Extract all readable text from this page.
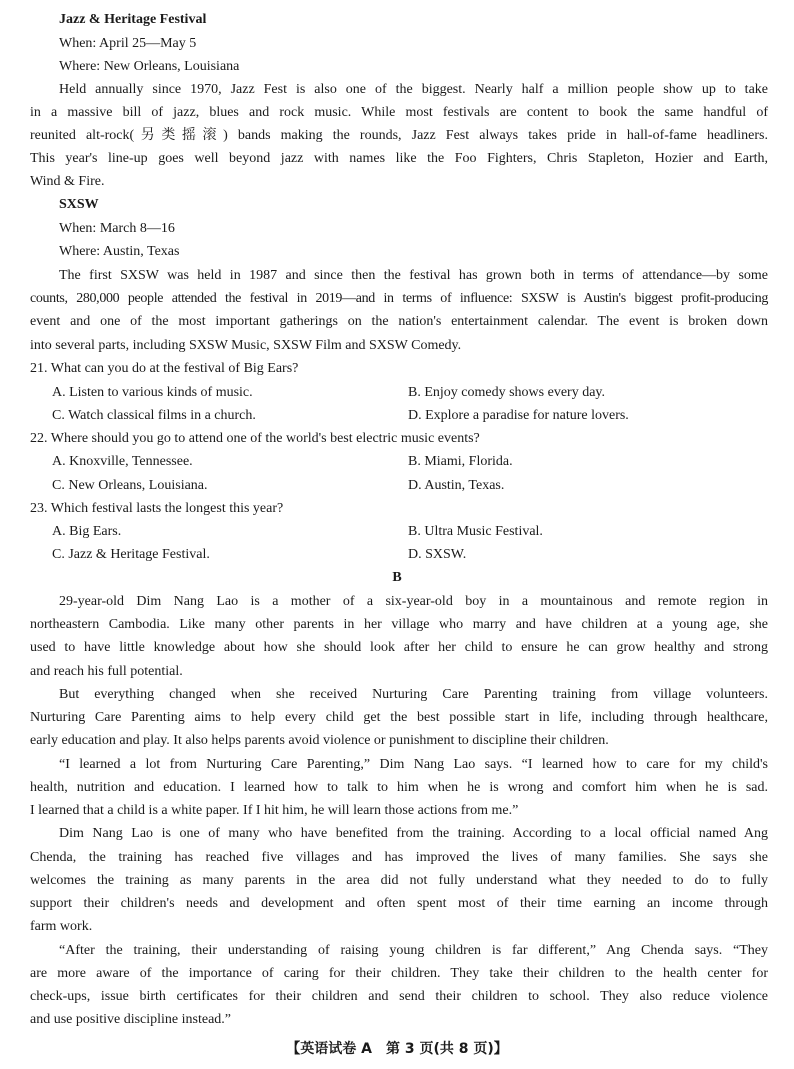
Jazz & Heritage Festival
When: April 25—May 5
Where: New Orleans, Louisiana
Held annually since 1970, Jazz Fest is also one of the biggest. Nearly half a million people show up to take
in a massive bill of jazz, blues and rock music. While most festivals are content to book the same handful of
reunited alt-rock(另类摇滚) bands making the rounds, Jazz Fest always takes pride in hall-of-fame headliners.
This year's line-up goes well beyond jazz with names like the Foo Fighters, Chris Stapleton, Hozier and Earth,
Wind & Fire.
SXSW
When: March 8—16
Where: Austin, Texas
The first SXSW was held in 1987 and since then the festival has grown both in terms of attendance—by some
counts, 280,000 people attended the festival in 2019—and in terms of influence: SXSW is Austin's biggest profit-producing
event and one of the most important gatherings on the nation's entertainment calendar. The event is broken down
into several parts, including SXSW Music, SXSW Film and SXSW Comedy.
21. What can you do at the festival of Big Ears?
A. Listen to various kinds of music.	B. Enjoy comedy shows every day.
C. Watch classical films in a church.	D. Explore a paradise for nature lovers.
22. Where should you go to attend one of the world's best electric music events?
A. Knoxville, Tennessee.	B. Miami, Florida.
C. New Orleans, Louisiana.	D. Austin, Texas.
23. Which festival lasts the longest this year?
A. Big Ears.	B. Ultra Music Festival.
C. Jazz & Heritage Festival.	D. SXSW.
B
29-year-old Dim Nang Lao is a mother of a six-year-old boy in a mountainous and remote region in
northeastern Cambodia. Like many other parents in her village who marry and have children at a young age, she
used to have little knowledge about how she should look after her child to ensure he can grow healthy and strong
and reach his full potential.
But everything changed when she received Nurturing Care Parenting training from village volunteers.
Nurturing Care Parenting aims to help every child get the best possible start in life, including through healthcare,
early education and play. It also helps parents avoid violence or punishment to discipline their children.
“I learned a lot from Nurturing Care Parenting,” Dim Nang Lao says. “I learned how to care for my child's
health, nutrition and education. I learned how to talk to him when he is wrong and comfort him when he is sad.
I learned that a child is a white paper. If I hit him, he will learn those actions from me.”
Dim Nang Lao is one of many who have benefited from the training. According to a local official named Ang
Chenda, the training has reached five villages and has improved the lives of many families. She says she
welcomes the training as many parents in the area did not fully understand what they needed to do to fully
support their children's needs and development and often spent most of their time earning an income through
farm work.
“After the training, their understanding of raising young children is far different,” Ang Chenda says. “They
are more aware of the importance of caring for their children. They take their children to the health center for
check-ups, issue birth certificates for their children and send their children to school. They also reduce violence
and use positive discipline instead.”
【英语试卷 A　第 3 页(共 8 页)】
